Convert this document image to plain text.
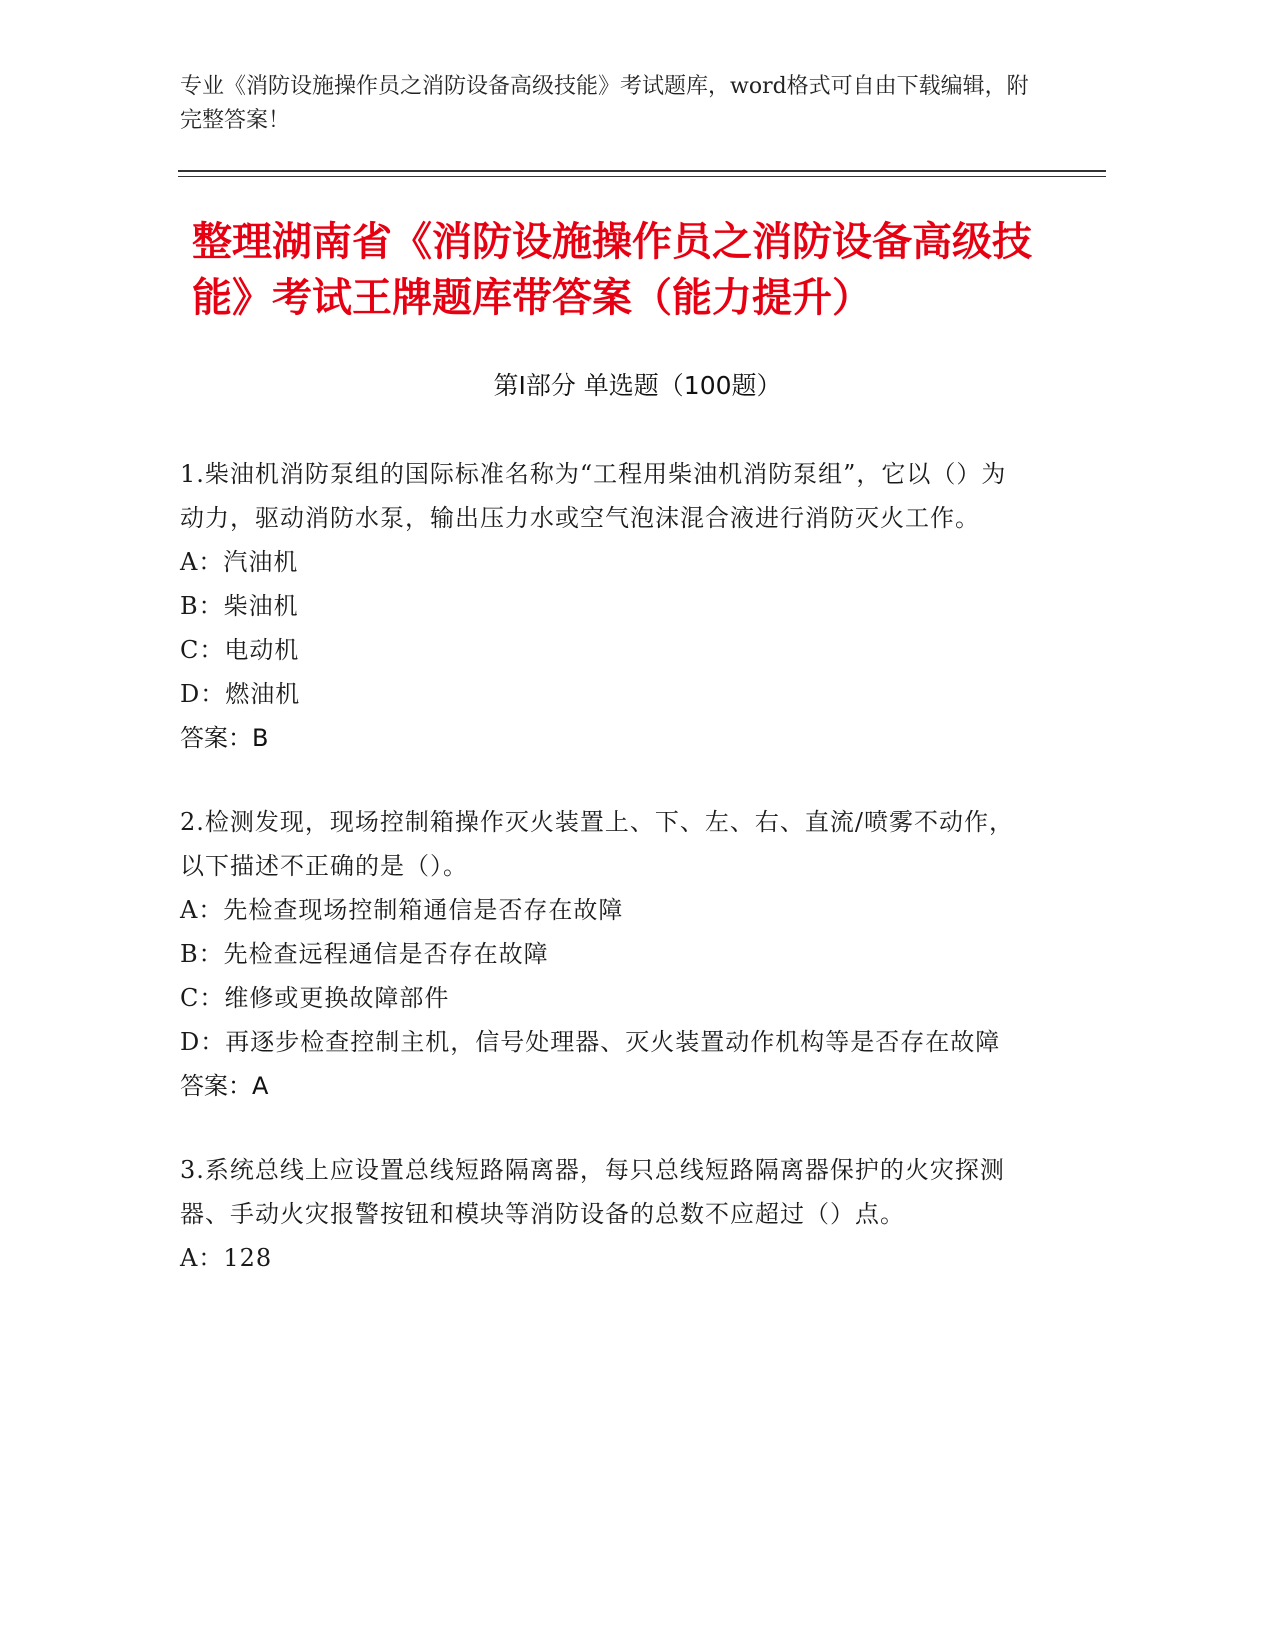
专业《消防设施操作员之消防设备高级技能》考试题库，word格式可自由下载编辑，附完整答案！
整理湖南省《消防设施操作员之消防设备高级技能》考试王牌题库带答案（能力提升）
第I部分 单选题（100题）
1.柴油机消防泵组的国际标准名称为“工程用柴油机消防泵组”，它以（）为动力，驱动消防水泵，输出压力水或空气泡沫混合液进行消防灭火工作。
A：汽油机
B：柴油机
C：电动机
D：燃油机
答案：B
2.检测发现，现场控制箱操作灭火装置上、下、左、右、直流/喷雾不动作，以下描述不正确的是（）。
A：先检查现场控制箱通信是否存在故障
B：先检查远程通信是否存在故障
C：维修或更换故障部件
D：再逐步检查控制主机，信号处理器、灭火装置动作机构等是否存在故障
答案：A
3.系统总线上应设置总线短路隔离器，每只总线短路隔离器保护的火灾探测器、手动火灾报警按钮和模块等消防设备的总数不应超过（）点。
A：128
